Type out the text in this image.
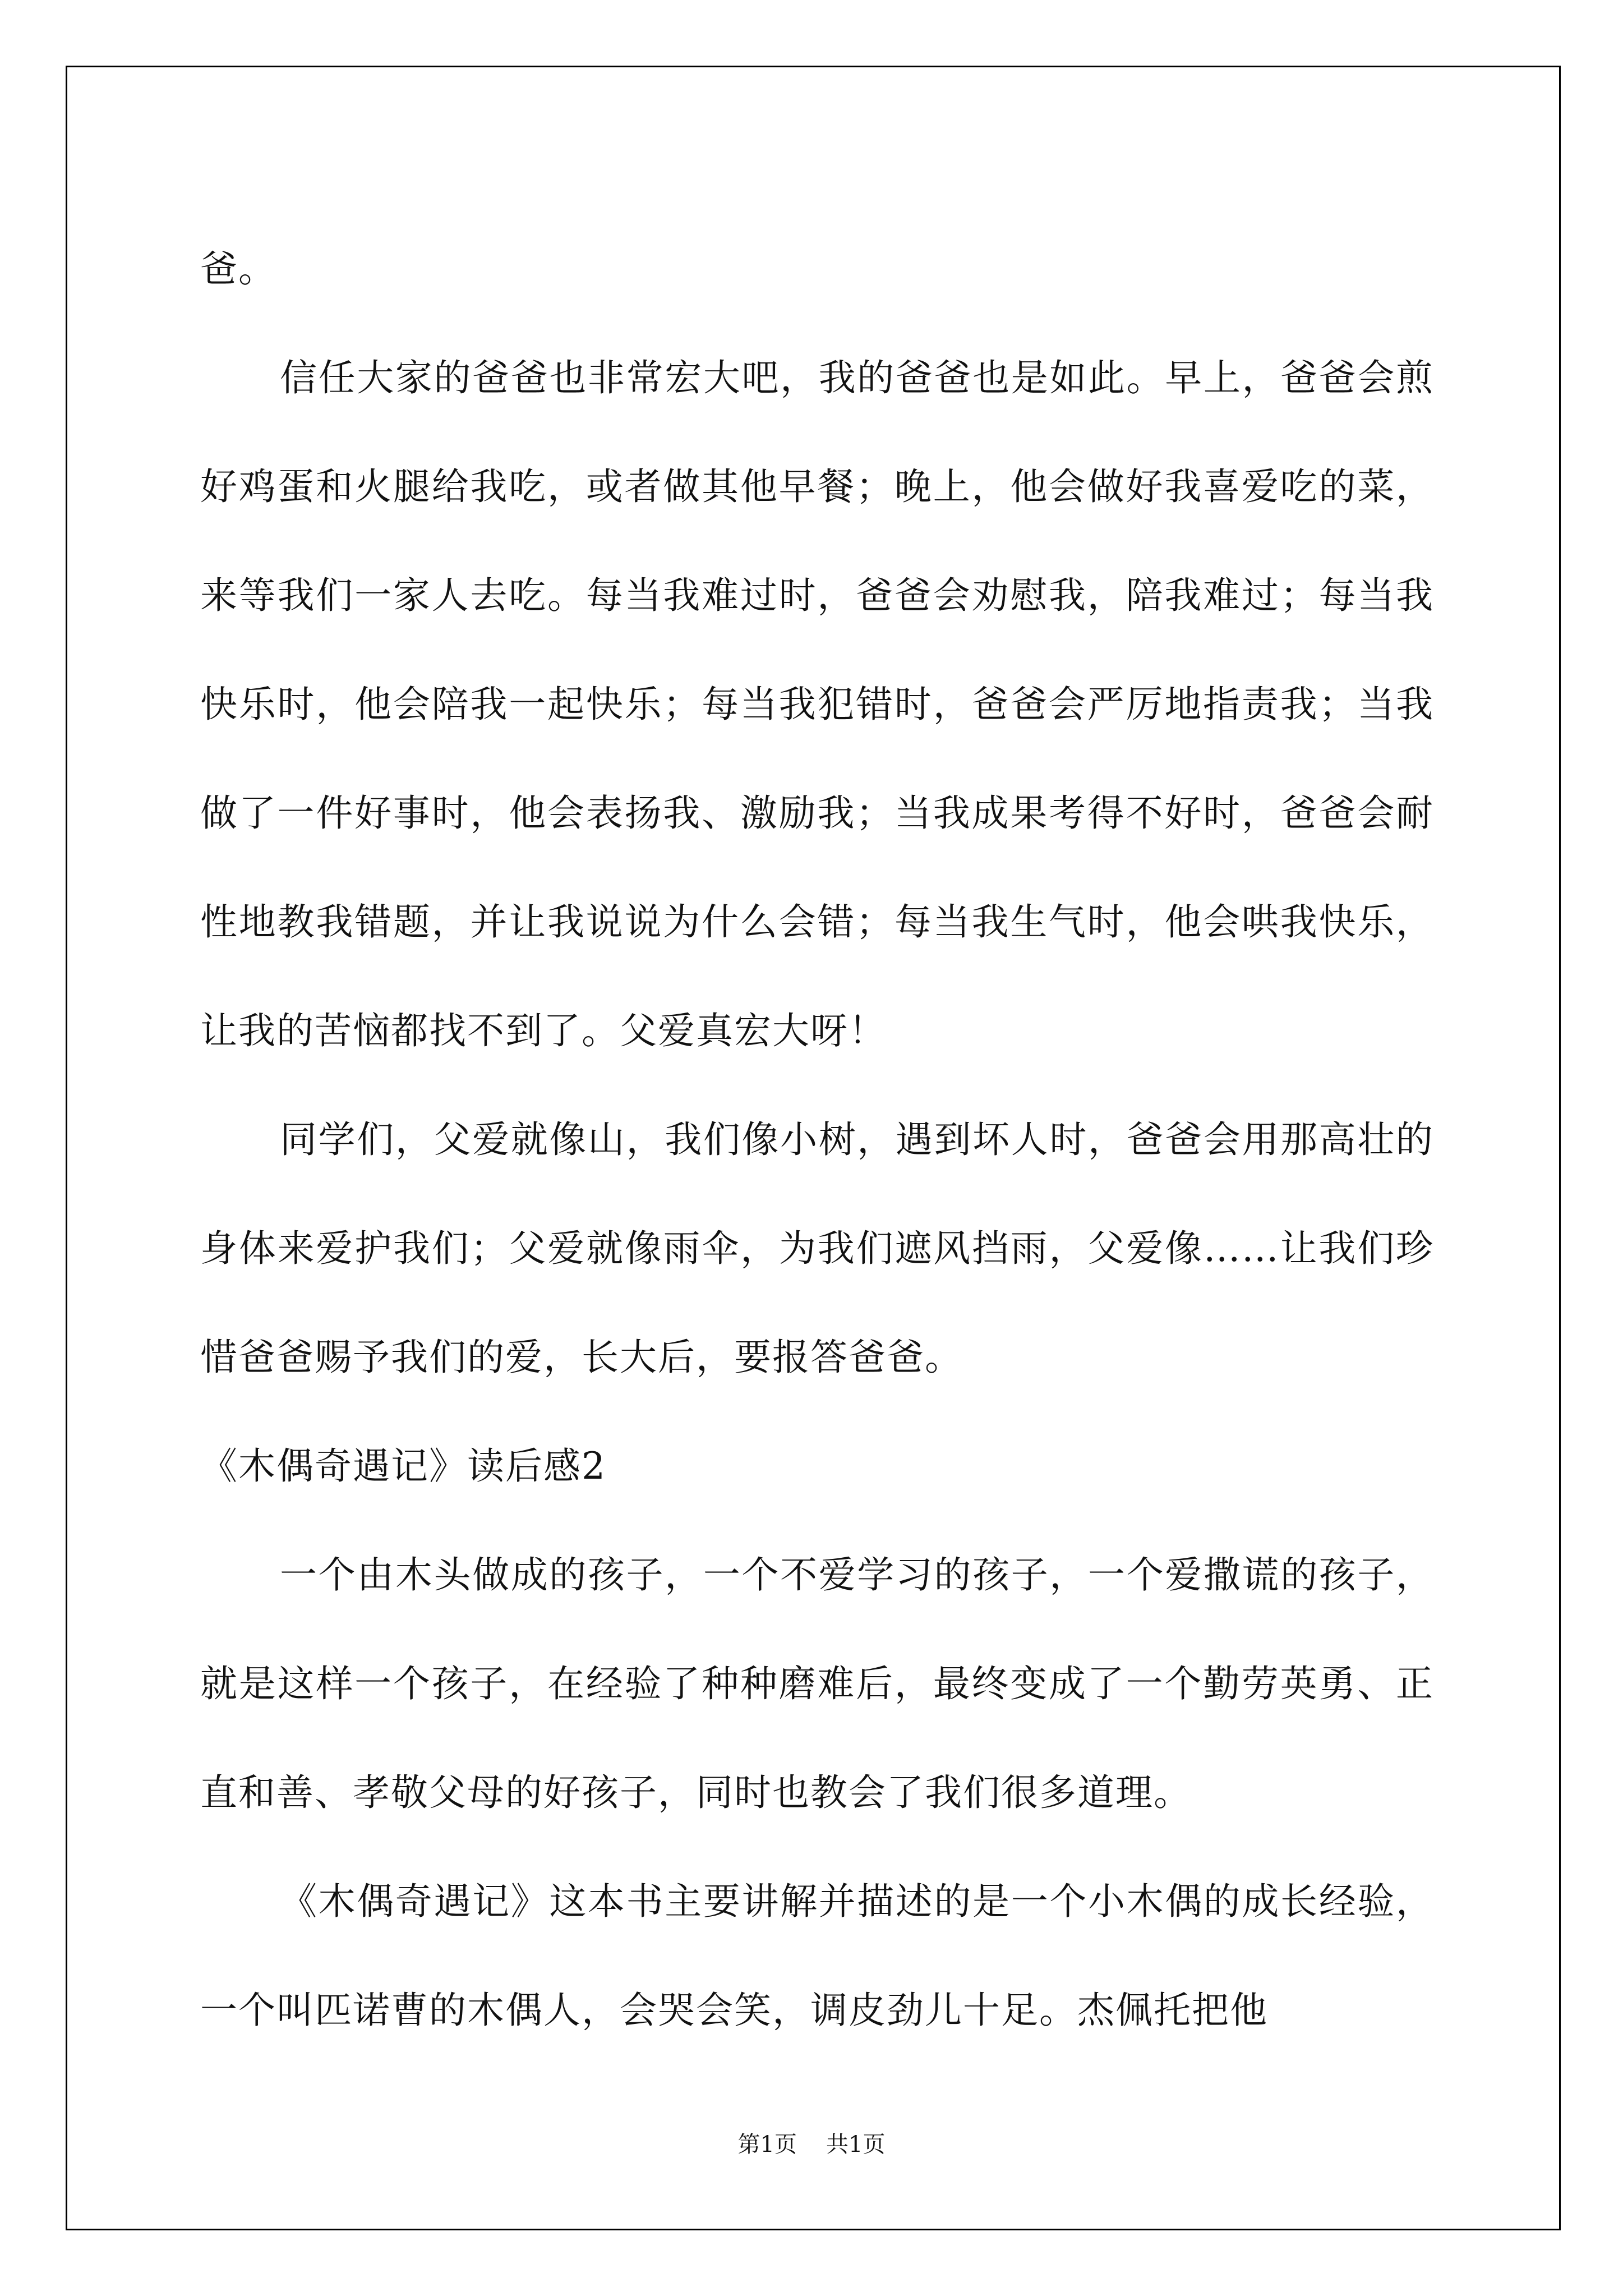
爸。

信任大家的爸爸也非常宏大吧，我的爸爸也是如此。早上，爸爸会煎好鸡蛋和火腿给我吃，或者做其他早餐；晚上，他会做好我喜爱吃的菜，来等我们一家人去吃。每当我难过时，爸爸会劝慰我，陪我难过；每当我快乐时，他会陪我一起快乐；每当我犯错时，爸爸会严厉地指责我；当我做了一件好事时，他会表扬我、激励我；当我成果考得不好时，爸爸会耐性地教我错题，并让我说说为什么会错；每当我生气时，他会哄我快乐，让我的苦恼都找不到了。父爱真宏大呀！

同学们，父爱就像山，我们像小树，遇到坏人时，爸爸会用那高壮的身体来爱护我们；父爱就像雨伞，为我们遮风挡雨，父爱像……让我们珍惜爸爸赐予我们的爱，长大后，要报答爸爸。

《木偶奇遇记》读后感2

一个由木头做成的孩子，一个不爱学习的孩子，一个爱撒谎的孩子，就是这样一个孩子，在经验了种种磨难后，最终变成了一个勤劳英勇、正直和善、孝敬父母的好孩子，同时也教会了我们很多道理。

《木偶奇遇记》这本书主要讲解并描述的是一个小木偶的成长经验，一个叫匹诺曹的木偶人，会哭会笑，调皮劲儿十足。杰佩托把他

第1页 共1页
